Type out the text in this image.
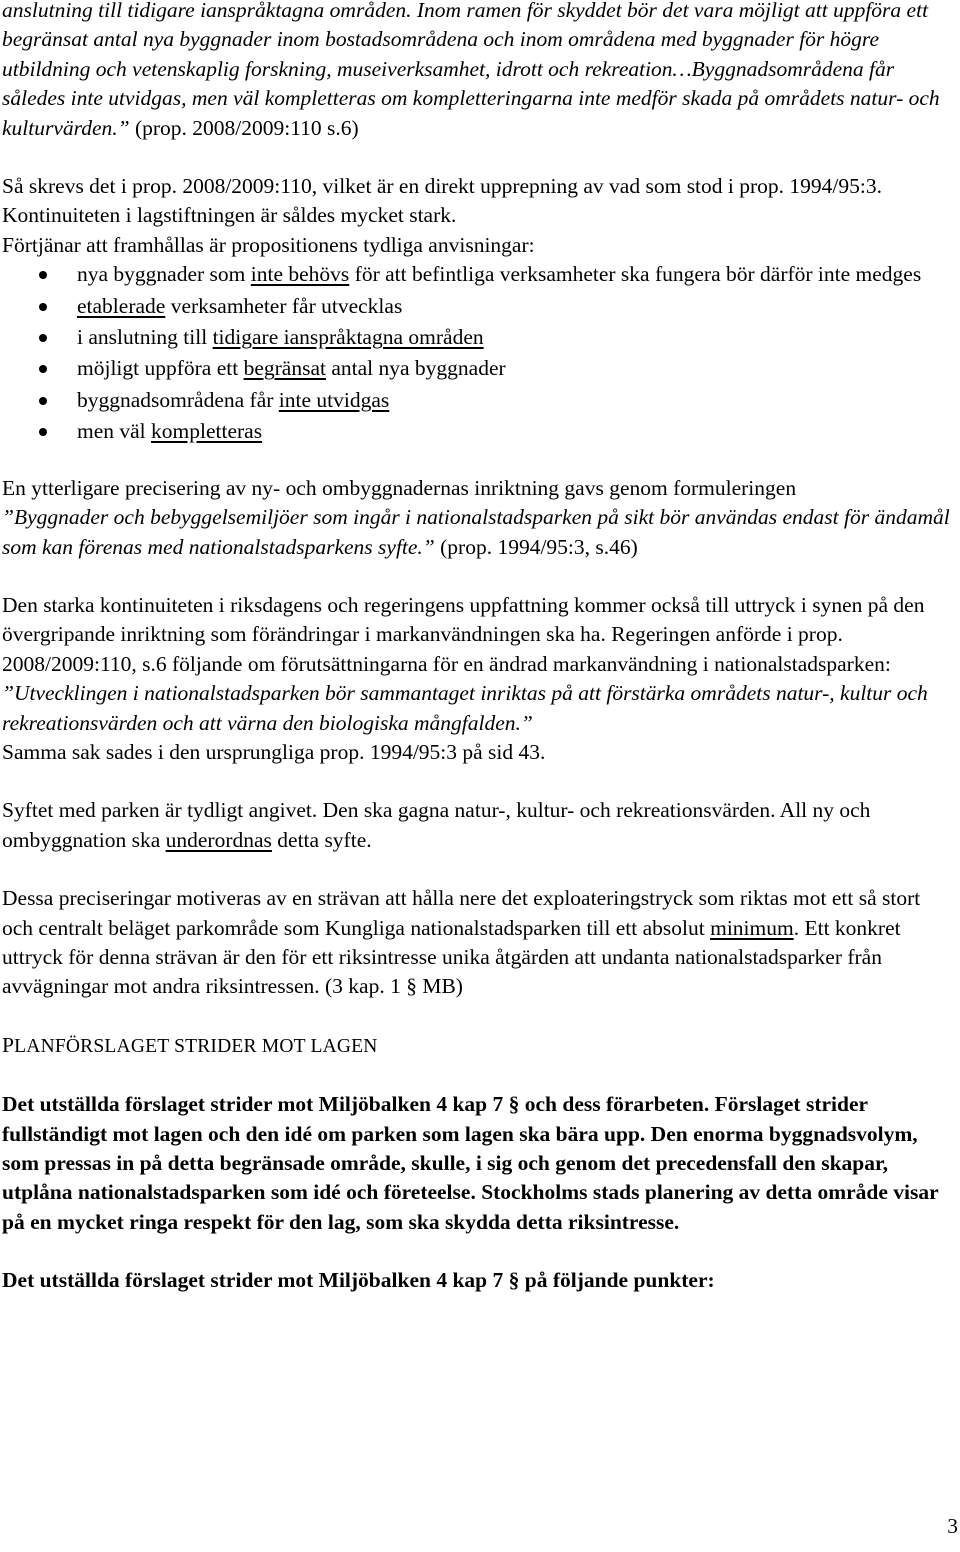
anslutning till tidigare ianspråktagna områden. Inom ramen för skyddet bör det vara möjligt att uppföra ett begränsat antal nya byggnader inom bostadsområdena och inom områdena med byggnader för högre utbildning och vetenskaplig forskning, museiverksamhet, idrott och rekreation…Byggnadsområdena får således inte utvidgas, men väl kompletteras om kompletteringarna inte medför skada på områdets natur- och kulturvärden.” (prop. 2008/2009:110 s.6)

Så skrevs det i prop. 2008/2009:110, vilket är en direkt upprepning av vad som stod i prop. 1994/95:3. Kontinuiteten i lagstiftningen är såldes mycket stark.

Förtjänar att framhållas är propositionens tydliga anvisningar:

nya byggnader som inte behövs för att befintliga verksamheter ska fungera bör därför inte medges
etablerade verksamheter får utvecklas
i anslutning till tidigare ianspråktagna områden
möjligt uppföra ett begränsat antal nya byggnader
byggnadsområdena får inte utvidgas
men väl kompletteras

En ytterligare precisering av ny- och ombyggnadernas inriktning gavs genom formuleringen
”Byggnader och bebyggelsemiljöer som ingår i nationalstadsparken på sikt bör användas endast för ändamål som kan förenas med nationalstadsparkens syfte.” (prop. 1994/95:3, s.46)

Den starka kontinuiteten i riksdagens och regeringens uppfattning kommer också till uttryck i synen på den övergripande inriktning som förändringar i markanvändningen ska ha. Regeringen anförde i prop. 2008/2009:110, s.6 följande om förutsättningarna för en ändrad markanvändning i nationalstadsparken:
”Utvecklingen i nationalstadsparken bör sammantaget inriktas på att förstärka områdets natur-, kultur och rekreationsvärden och att värna den biologiska mångfalden.”
Samma sak sades i den ursprungliga prop. 1994/95:3 på sid 43.

Syftet med parken är tydligt angivet. Den ska gagna natur-, kultur- och rekreationsvärden. All ny och ombyggnation ska underordnas detta syfte.

Dessa preciseringar motiveras av en strävan att hålla nere det exploateringstryck som riktas mot ett så stort och centralt beläget parkområde som Kungliga nationalstadsparken till ett absolut minimum. Ett konkret uttryck för denna strävan är den för ett riksintresse unika åtgärden att undanta nationalstadsparker från avvägningar mot andra riksintressen. (3 kap. 1 § MB)

PLANFÖRSLAGET STRIDER MOT LAGEN

Det utställda förslaget strider mot Miljöbalken 4 kap 7 § och dess förarbeten. Förslaget strider fullständigt mot lagen och den idé om parken som lagen ska bära upp. Den enorma byggnadsvolym, som pressas in på detta begränsade område, skulle, i sig och genom det precedensfall den skapar, utplåna nationalstadsparken som idé och företeelse. Stockholms stads planering av detta område visar på en mycket ringa respekt för den lag, som ska skydda detta riksintresse.

Det utställda förslaget strider mot Miljöbalken 4 kap 7 § på följande punkter:

3
